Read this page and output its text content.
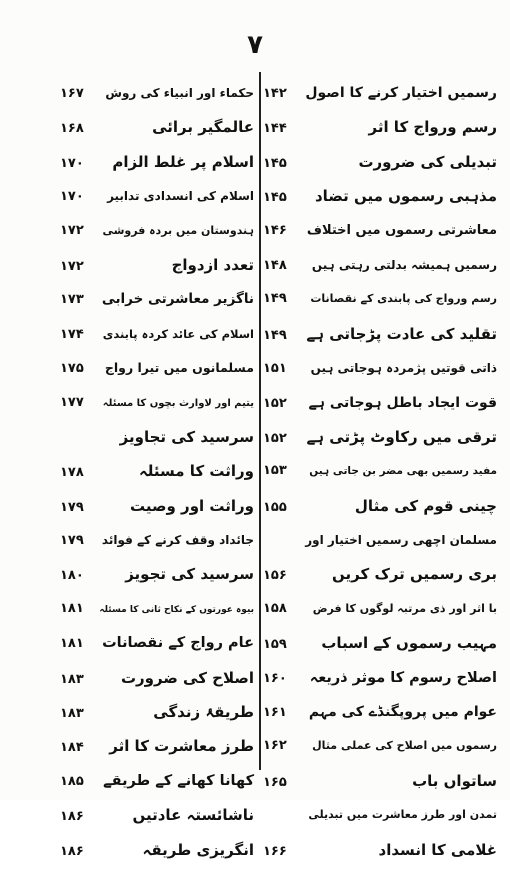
۷
رسمیں اختیار کرنے کا اصول
۱۴۲
رسم ورواج کا اثر
۱۴۴
تبدیلی کی ضرورت
۱۴۵
مذہبی رسموں میں تضاد
۱۴۵
معاشرتی رسموں میں اختلاف
۱۴۶
رسمیں ہمیشہ بدلتی رہتی ہیں
۱۴۸
رسم ورواج کی پابندی کے نقصانات
۱۴۹
تقلید کی عادت پڑجاتی ہے
۱۴۹
ذاتی قوتیں پژمردہ ہوجاتی ہیں
۱۵۱
قوت ایجاد باطل ہوجاتی ہے
۱۵۲
ترقی میں رکاوٹ پڑتی ہے
۱۵۲
مفید رسمیں بھی مضر بن جاتی ہیں
۱۵۳
چینی قوم کی مثال
۱۵۵
مسلمان اچھی رسمیں اختیار اور
بری رسمیں ترک کریں
۱۵۶
با اثر اور ذی مرتبہ لوگوں کا فرض
۱۵۸
مہیب رسموں کے اسباب
۱۵۹
اصلاح رسوم کا موثر ذریعہ
۱۶۰
عوام میں پروپگنڈے کی مہم
۱۶۱
رسموں میں اصلاح کی عملی مثال
۱۶۲
ساتواں باب
۱۶۵
تمدن اور طرز معاشرت میں تبدیلی
غلامی کا انسداد
۱۶۶
حکماء اور انبیاء کی روش
۱۶۷
عالمگیر برائی
۱۶۸
اسلام پر غلط الزام
۱۷۰
اسلام کی انسدادی تدابیر
۱۷۰
ہندوستان میں بردہ فروشی
۱۷۲
تعدد ازدواج
۱۷۲
ناگزیر معاشرتی خرابی
۱۷۳
اسلام کی عائد کردہ پابندی
۱۷۴
مسلمانوں میں تیرا رواج
۱۷۵
یتیم اور لاوارث بچوں کا مسئلہ
۱۷۷
سرسید کی تجاویز
وراثت کا مسئلہ
۱۷۸
وراثت اور وصیت
۱۷۹
جائداد وقف کرنے کے فوائد
۱۷۹
سرسید کی تجویز
۱۸۰
بیوہ عورتوں کے نکاح ثانی کا مسئلہ
۱۸۱
عام رواج کے نقصانات
۱۸۱
اصلاح کی ضرورت
۱۸۳
طریقۂ زندگی
۱۸۳
طرز معاشرت کا اثر
۱۸۴
کھانا کھانے کے طریقے
۱۸۵
ناشائستہ عادتیں
۱۸۶
انگریزی طریقہ
۱۸۶
